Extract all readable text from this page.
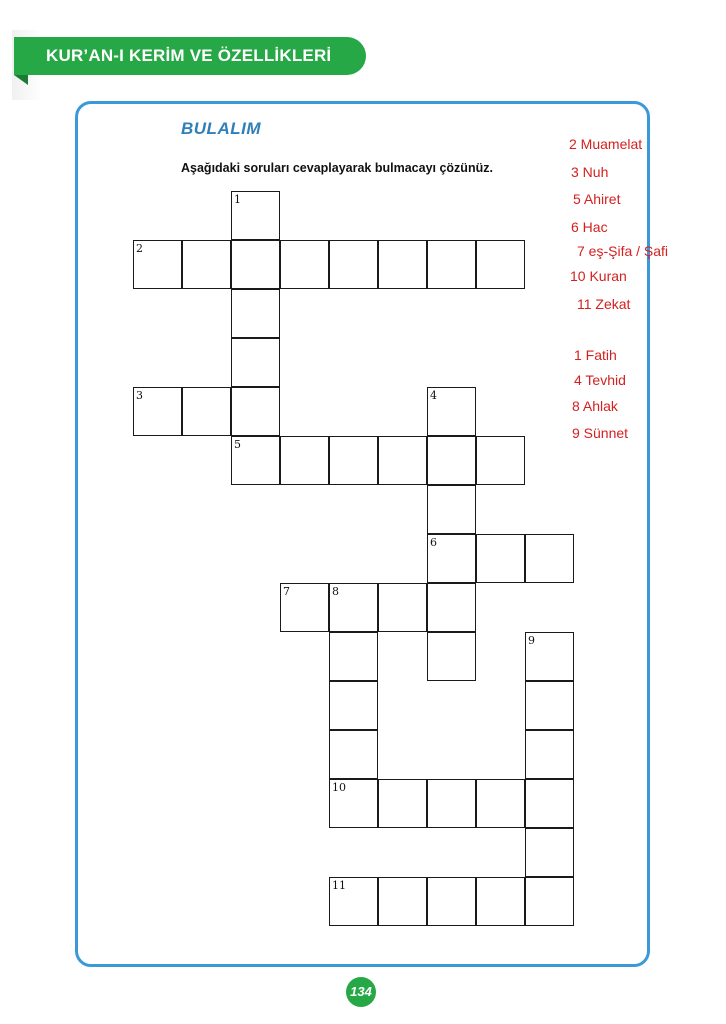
KUR’AN-I KERİM VE ÖZELLİKLERİ
BULALIM
Aşağıdaki soruları cevaplayarak bulmacayı çözünüz.
1
2
3	4
5
6
7	8
9
10
11
2 Muamelat
3 Nuh
5 Ahiret
6 Hac
7 eş-Şifa / Şafi
10 Kuran
11 Zekat
1 Fatih
4 Tevhid
8 Ahlak
9 Sünnet
134
